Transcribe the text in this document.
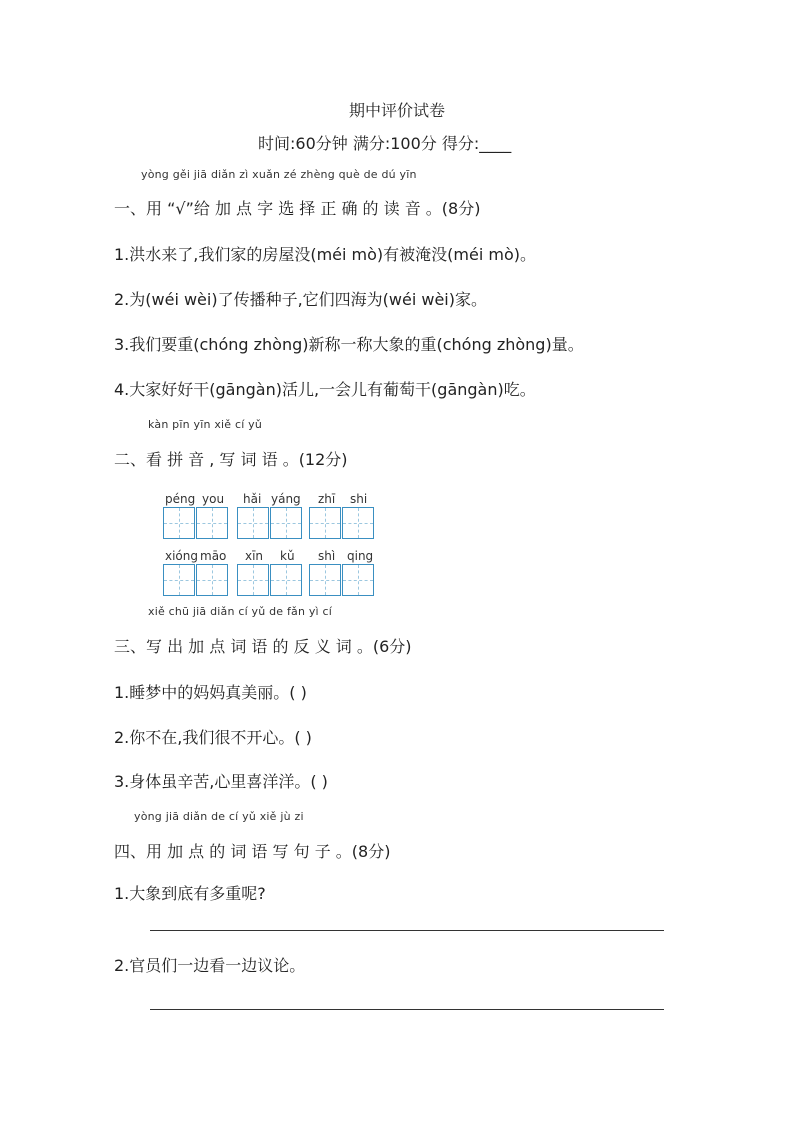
期中评价试卷
时间:60分钟 满分:100分 得分:____
yòng gěi jiā diǎn zì xuǎn zé zhèng què de dú yīn
一、用 “√”给 加 点 字 选 择 正 确 的 读 音 。(8分)
1.洪水来了,我们家的房屋没(méi mò)有被淹没(méi mò)。
2.为(wéi wèi)了传播种子,它们四海为(wéi wèi)家。
3.我们要重(chóng zhòng)新称一称大象的重(chóng zhòng)量。
4.大家好好干(gāngàn)活儿,一会儿有葡萄干(gāngàn)吃。
kàn pīn yīn xiě cí yǔ
二、看 拼 音 , 写 词 语 。(12分)
péng you hǎi yáng zhī shi
xióng māo xīn kǔ shì qing
xiě chū jiā diǎn cí yǔ de fǎn yì cí
三、写 出 加 点 词 语 的 反 义 词 。(6分)
1.睡梦中的妈妈真美丽。( )
2.你不在,我们很不开心。( )
3.身体虽辛苦,心里喜洋洋。( )
yòng jiā diǎn de cí yǔ xiě jù zi
四、用 加 点 的 词 语 写 句 子 。(8分)
1.大象到底有多重呢?
2.官员们一边看一边议论。
